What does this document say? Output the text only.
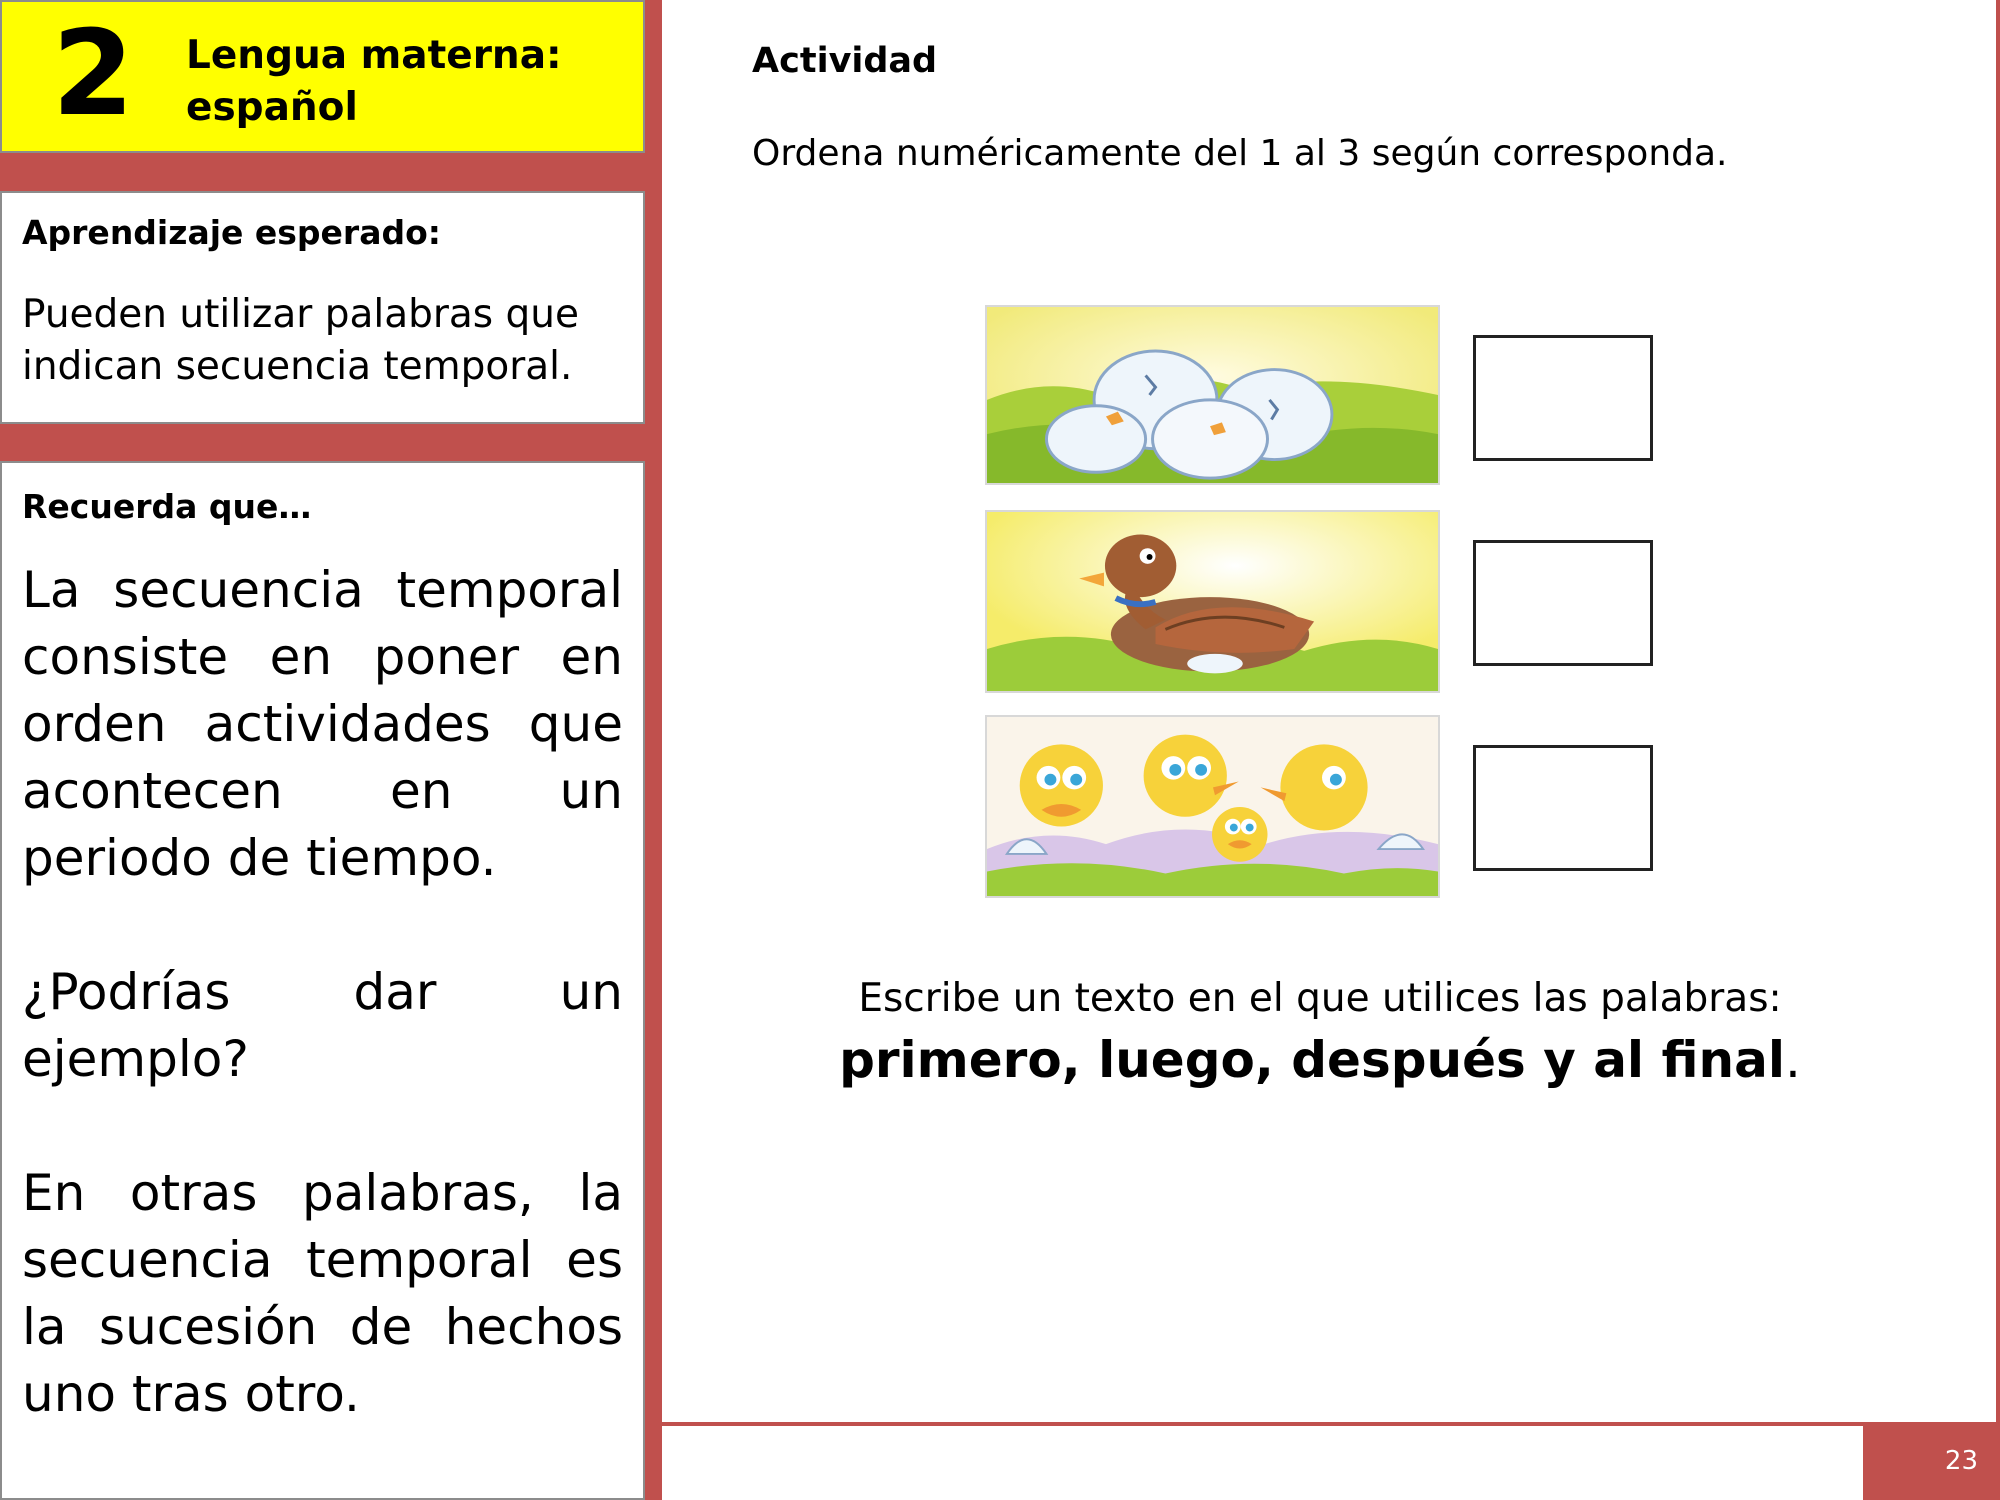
2 Lengua materna: español
Aprendizaje esperado:
Pueden utilizar palabras que indican secuencia temporal.
Recuerda que…

La secuencia temporal consiste en poner en orden actividades que acontecen en un periodo de tiempo.

¿Podrías dar un ejemplo?

En otras palabras, la secuencia temporal es la sucesión de hechos uno tras otro.

Actividad
Ordena numéricamente del 1 al 3 según corresponda.
Escribe un texto en el que utilices las palabras:
primero, luego, después y al final.
23
